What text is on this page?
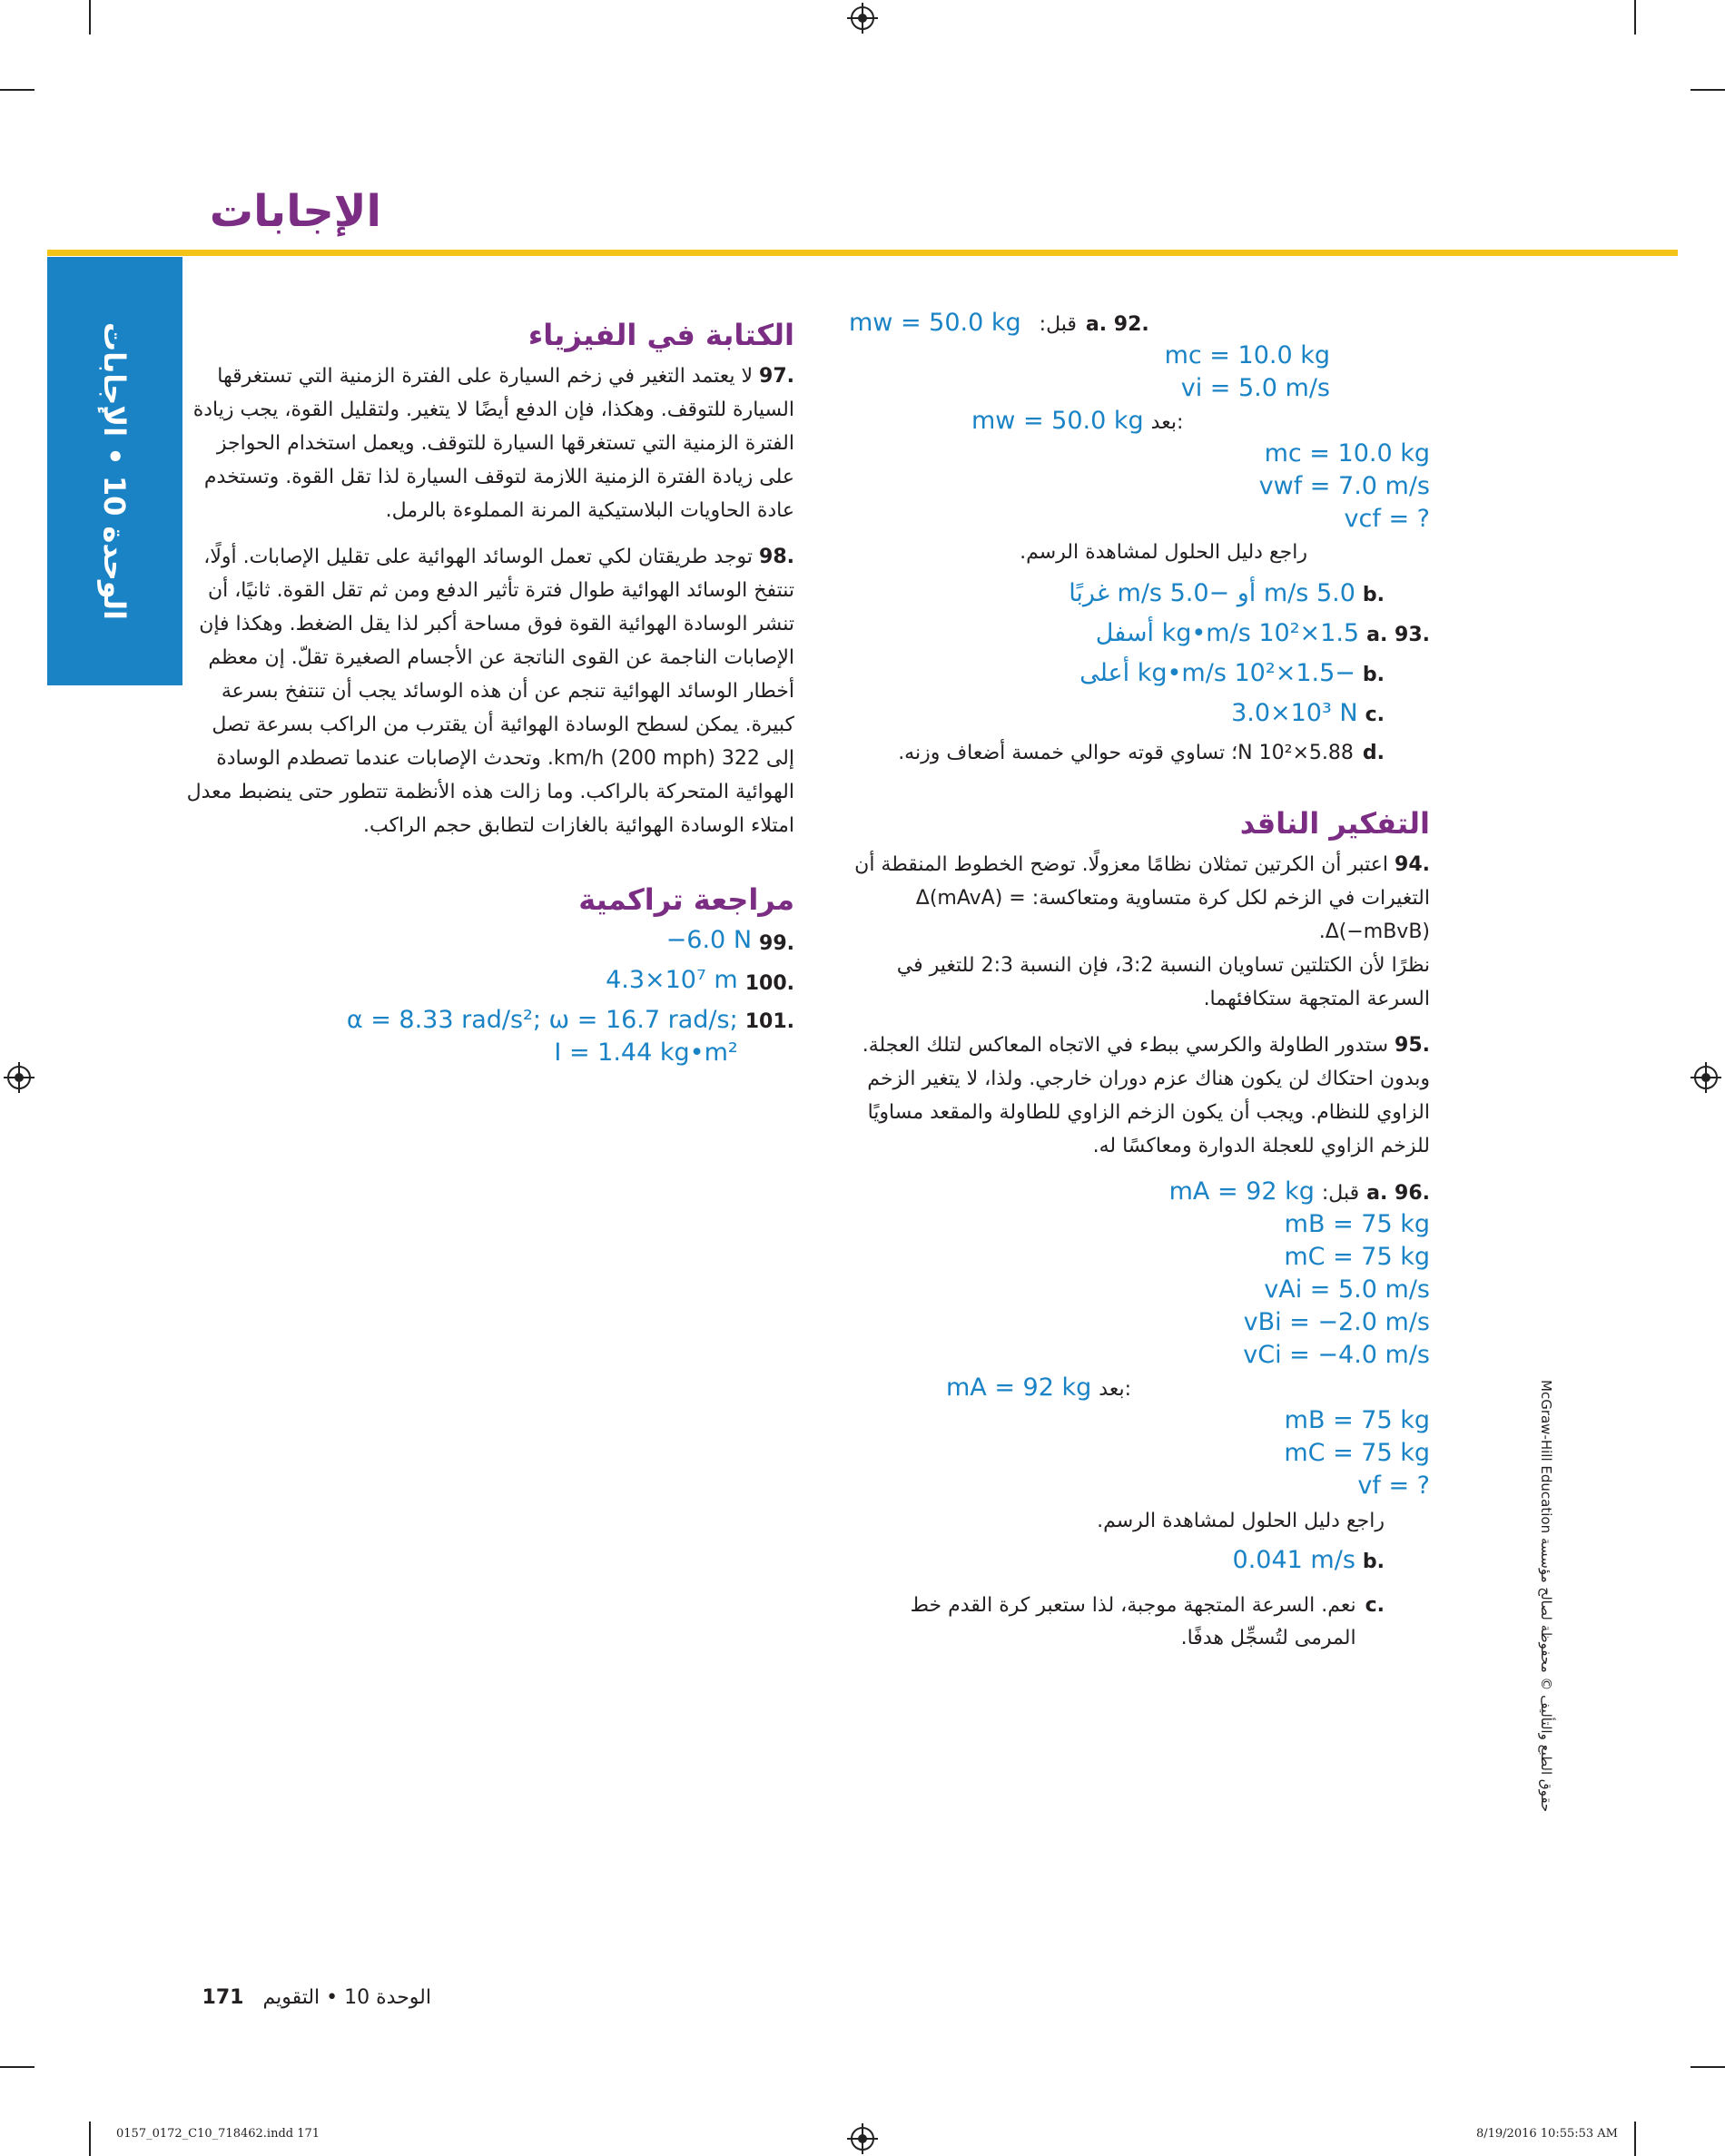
الإجابات
الوحدة 10 • الإجابات
.92 .a
قبل:
mw = 50.0 kg
mc = 10.0 kg
vi = 5.0 m/s
mw = 50.0 kg بعد:
mc = 10.0 kg
vwf = 7.0 m/s
vcf = ?
راجع دليل الحلول لمشاهدة الرسم.
.b
5.0 m/s أو −5.0 m/s غربًا
.93 .a
1.5×10² kg•m/s أسفل
.b
−1.5×10² kg•m/s أعلى
.c
3.0×10³ N
.d
5.88×10² N؛ تساوي قوته حوالي خمسة أضعاف وزنه.
التفكير الناقد
.94 اعتبر أن الكرتين تمثلان نظامًا معزولًا. توضح الخطوط المنقطة أن التغيرات في الزخم لكل كرة متساوية ومتعاكسة: Δ(mAvA) = Δ(−mBvB).
نظرًا لأن الكتلتين تساويان النسبة 3:2، فإن النسبة 2:3 للتغير في السرعة المتجهة ستكافئهما.
.95 ستدور الطاولة والكرسي ببطء في الاتجاه المعاكس لتلك العجلة. وبدون احتكاك لن يكون هناك عزم دوران خارجي. ولذا، لا يتغير الزخم الزاوي للنظام. ويجب أن يكون الزخم الزاوي للطاولة والمقعد مساويًا للزخم الزاوي للعجلة الدوارة ومعاكسًا له.
.96 .a
قبل:
mA = 92 kg
mB = 75 kg
mC = 75 kg
vAi = 5.0 m/s
vBi = −2.0 m/s
vCi = −4.0 m/s
mA = 92 kg بعد:
mB = 75 kg
mC = 75 kg
vf = ?
راجع دليل الحلول لمشاهدة الرسم.
.b
0.041 m/s
.c
نعم. السرعة المتجهة موجبة، لذا ستعبر كرة القدم خط المرمى لتُسجِّل هدفًا.
الكتابة في الفيزياء
.97 لا يعتمد التغير في زخم السيارة على الفترة الزمنية التي تستغرقها السيارة للتوقف. وهكذا، فإن الدفع أيضًا لا يتغير. ولتقليل القوة، يجب زيادة الفترة الزمنية التي تستغرقها السيارة للتوقف. ويعمل استخدام الحواجز على زيادة الفترة الزمنية اللازمة لتوقف السيارة لذا تقل القوة. وتستخدم عادة الحاويات البلاستيكية المرنة المملوءة بالرمل.
.98 توجد طريقتان لكي تعمل الوسائد الهوائية على تقليل الإصابات. أولًا، تنتفخ الوسائد الهوائية طوال فترة تأثير الدفع ومن ثم تقل القوة. ثانيًا، أن تنشر الوسادة الهوائية القوة فوق مساحة أكبر لذا يقل الضغط. وهكذا فإن الإصابات الناجمة عن القوى الناتجة عن الأجسام الصغيرة تقلّ. إن معظم أخطار الوسائد الهوائية تنجم عن أن هذه الوسائد يجب أن تنتفخ بسرعة كبيرة. يمكن لسطح الوسادة الهوائية أن يقترب من الراكب بسرعة تصل إلى 322 km/h (200 mph). وتحدث الإصابات عندما تصطدم الوسادة الهوائية المتحركة بالراكب. وما زالت هذه الأنظمة تتطور حتى ينضبط معدل امتلاء الوسادة الهوائية بالغازات لتطابق حجم الراكب.
مراجعة تراكمية
.99
−6.0 N
.100
4.3×10⁷ m
.101
α = 8.33 rad/s²; ω = 16.7 rad/s;
I = 1.44 kg•m²
حقوق الطبع والتأليف © محفوظة لصالح مؤسسة McGraw-Hill Education
الوحدة 10 • التقويم   171
0157_0172_C10_718462.indd 171	8/19/2016 10:55:53 AM
